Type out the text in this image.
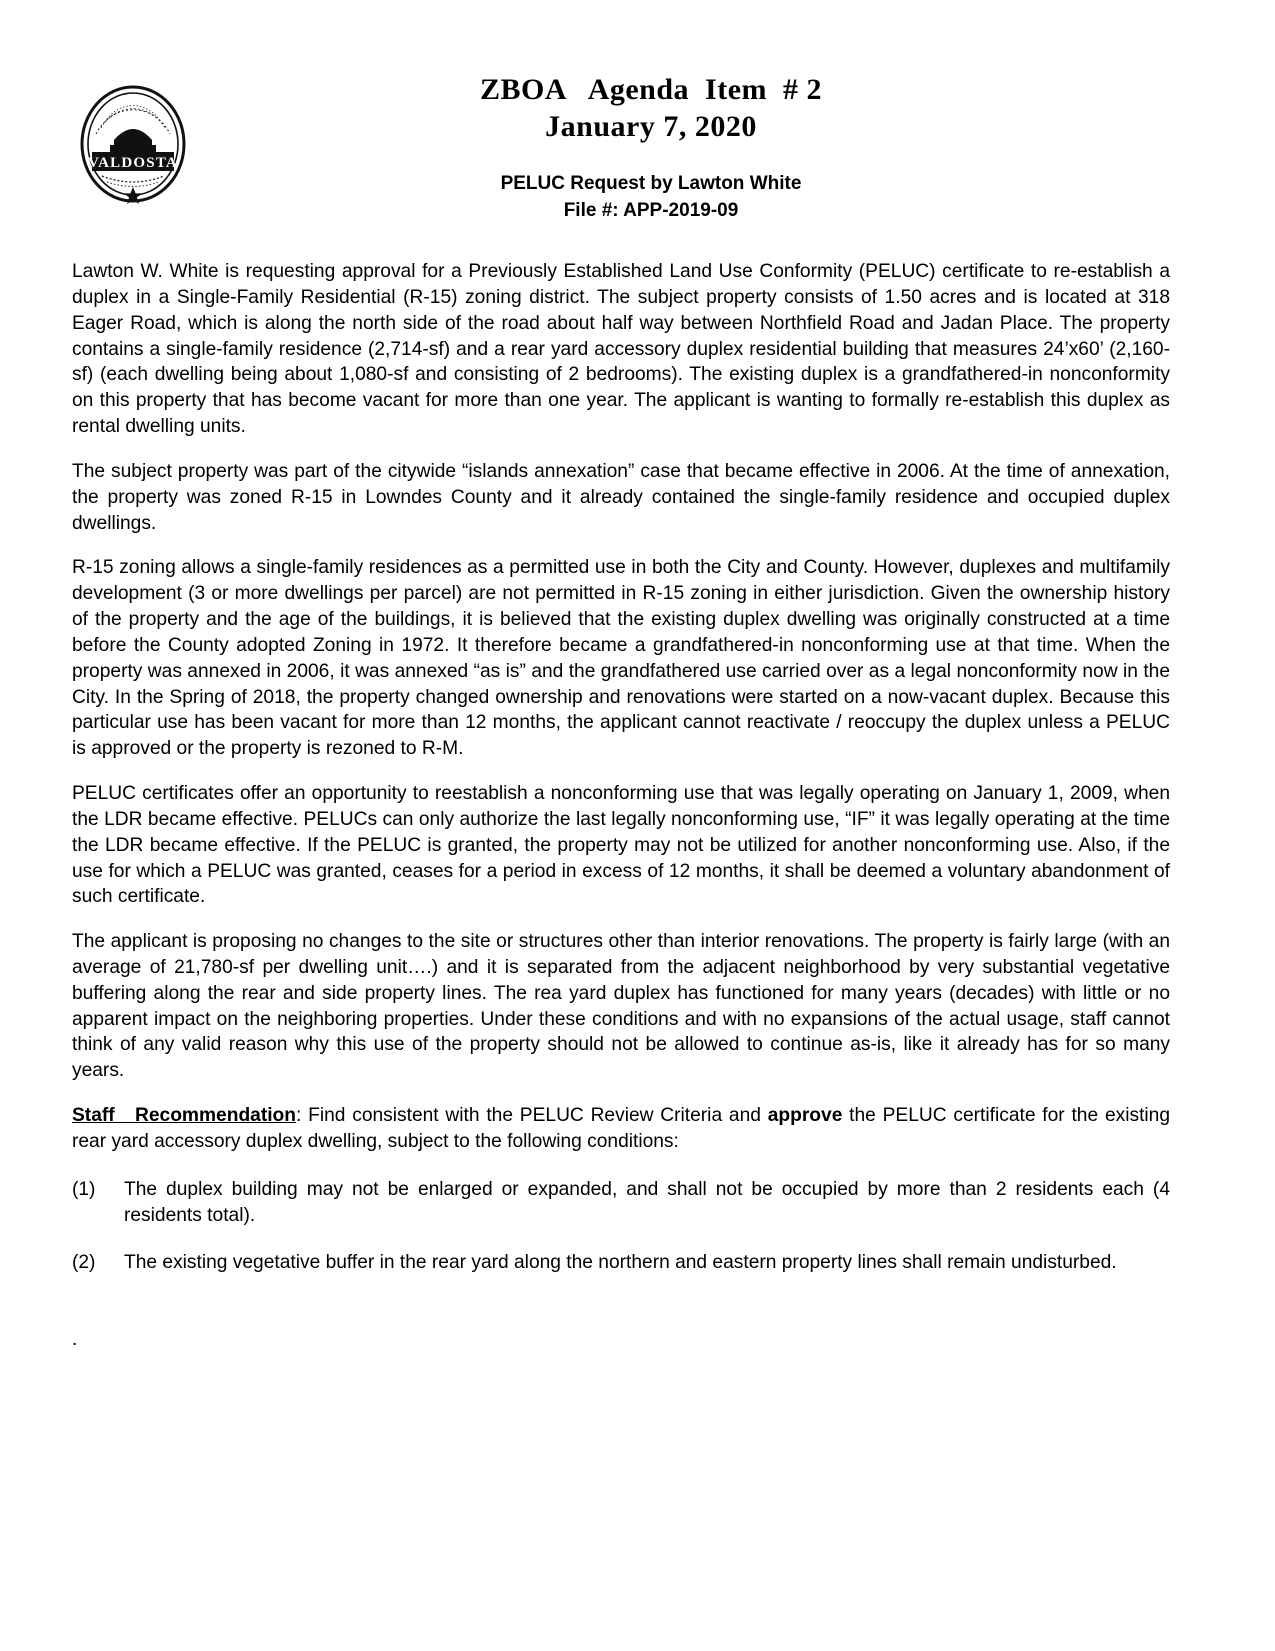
VALDOSTA
ZBOA   Agenda  Item  # 2
January 7, 2020
PELUC Request by Lawton White
File #: APP-2019-09

Lawton W. White is requesting approval for a Previously Established Land Use Conformity (PELUC) certificate to re-establish a duplex in a Single-Family Residential (R-15) zoning district. The subject property consists of 1.50 acres and is located at 318 Eager Road, which is along the north side of the road about half way between Northfield Road and Jadan Place. The property contains a single-family residence (2,714-sf) and a rear yard accessory duplex residential building that measures 24’x60’ (2,160-sf) (each dwelling being about 1,080-sf and consisting of 2 bedrooms). The existing duplex is a grandfathered-in nonconformity on this property that has become vacant for more than one year. The applicant is wanting to formally re-establish this duplex as rental dwelling units.

The subject property was part of the citywide “islands annexation” case that became effective in 2006. At the time of annexation, the property was zoned R-15 in Lowndes County and it already contained the single-family residence and occupied duplex dwellings.

R-15 zoning allows a single-family residences as a permitted use in both the City and County. However, duplexes and multifamily development (3 or more dwellings per parcel) are not permitted in R-15 zoning in either jurisdiction. Given the ownership history of the property and the age of the buildings, it is believed that the existing duplex dwelling was originally constructed at a time before the County adopted Zoning in 1972. It therefore became a grandfathered-in nonconforming use at that time. When the property was annexed in 2006, it was annexed “as is” and the grandfathered use carried over as a legal nonconformity now in the City. In the Spring of 2018, the property changed ownership and renovations were started on a now-vacant duplex. Because this particular use has been vacant for more than 12 months, the applicant cannot reactivate / reoccupy the duplex unless a PELUC is approved or the property is rezoned to R-M.

PELUC certificates offer an opportunity to reestablish a nonconforming use that was legally operating on January 1, 2009, when the LDR became effective. PELUCs can only authorize the last legally nonconforming use, “IF” it was legally operating at the time the LDR became effective. If the PELUC is granted, the property may not be utilized for another nonconforming use. Also, if the use for which a PELUC was granted, ceases for a period in excess of 12 months, it shall be deemed a voluntary abandonment of such certificate.

The applicant is proposing no changes to the site or structures other than interior renovations. The property is fairly large (with an average of 21,780-sf per dwelling unit….) and it is separated from the adjacent neighborhood by very substantial vegetative buffering along the rear and side property lines. The rea yard duplex has functioned for many years (decades) with little or no apparent impact on the neighboring properties. Under these conditions and with no expansions of the actual usage, staff cannot think of any valid reason why this use of the property should not be allowed to continue as-is, like it already has for so many years.

Staff   Recommendation: Find consistent with the PELUC Review Criteria and approve the PELUC certificate for the existing rear yard accessory duplex dwelling, subject to the following conditions:

(1)	The duplex building may not be enlarged or expanded, and shall not be occupied by more than 2 residents each (4 residents total).
(2)	The existing vegetative buffer in the rear yard along the northern and eastern property lines shall remain undisturbed.
.
